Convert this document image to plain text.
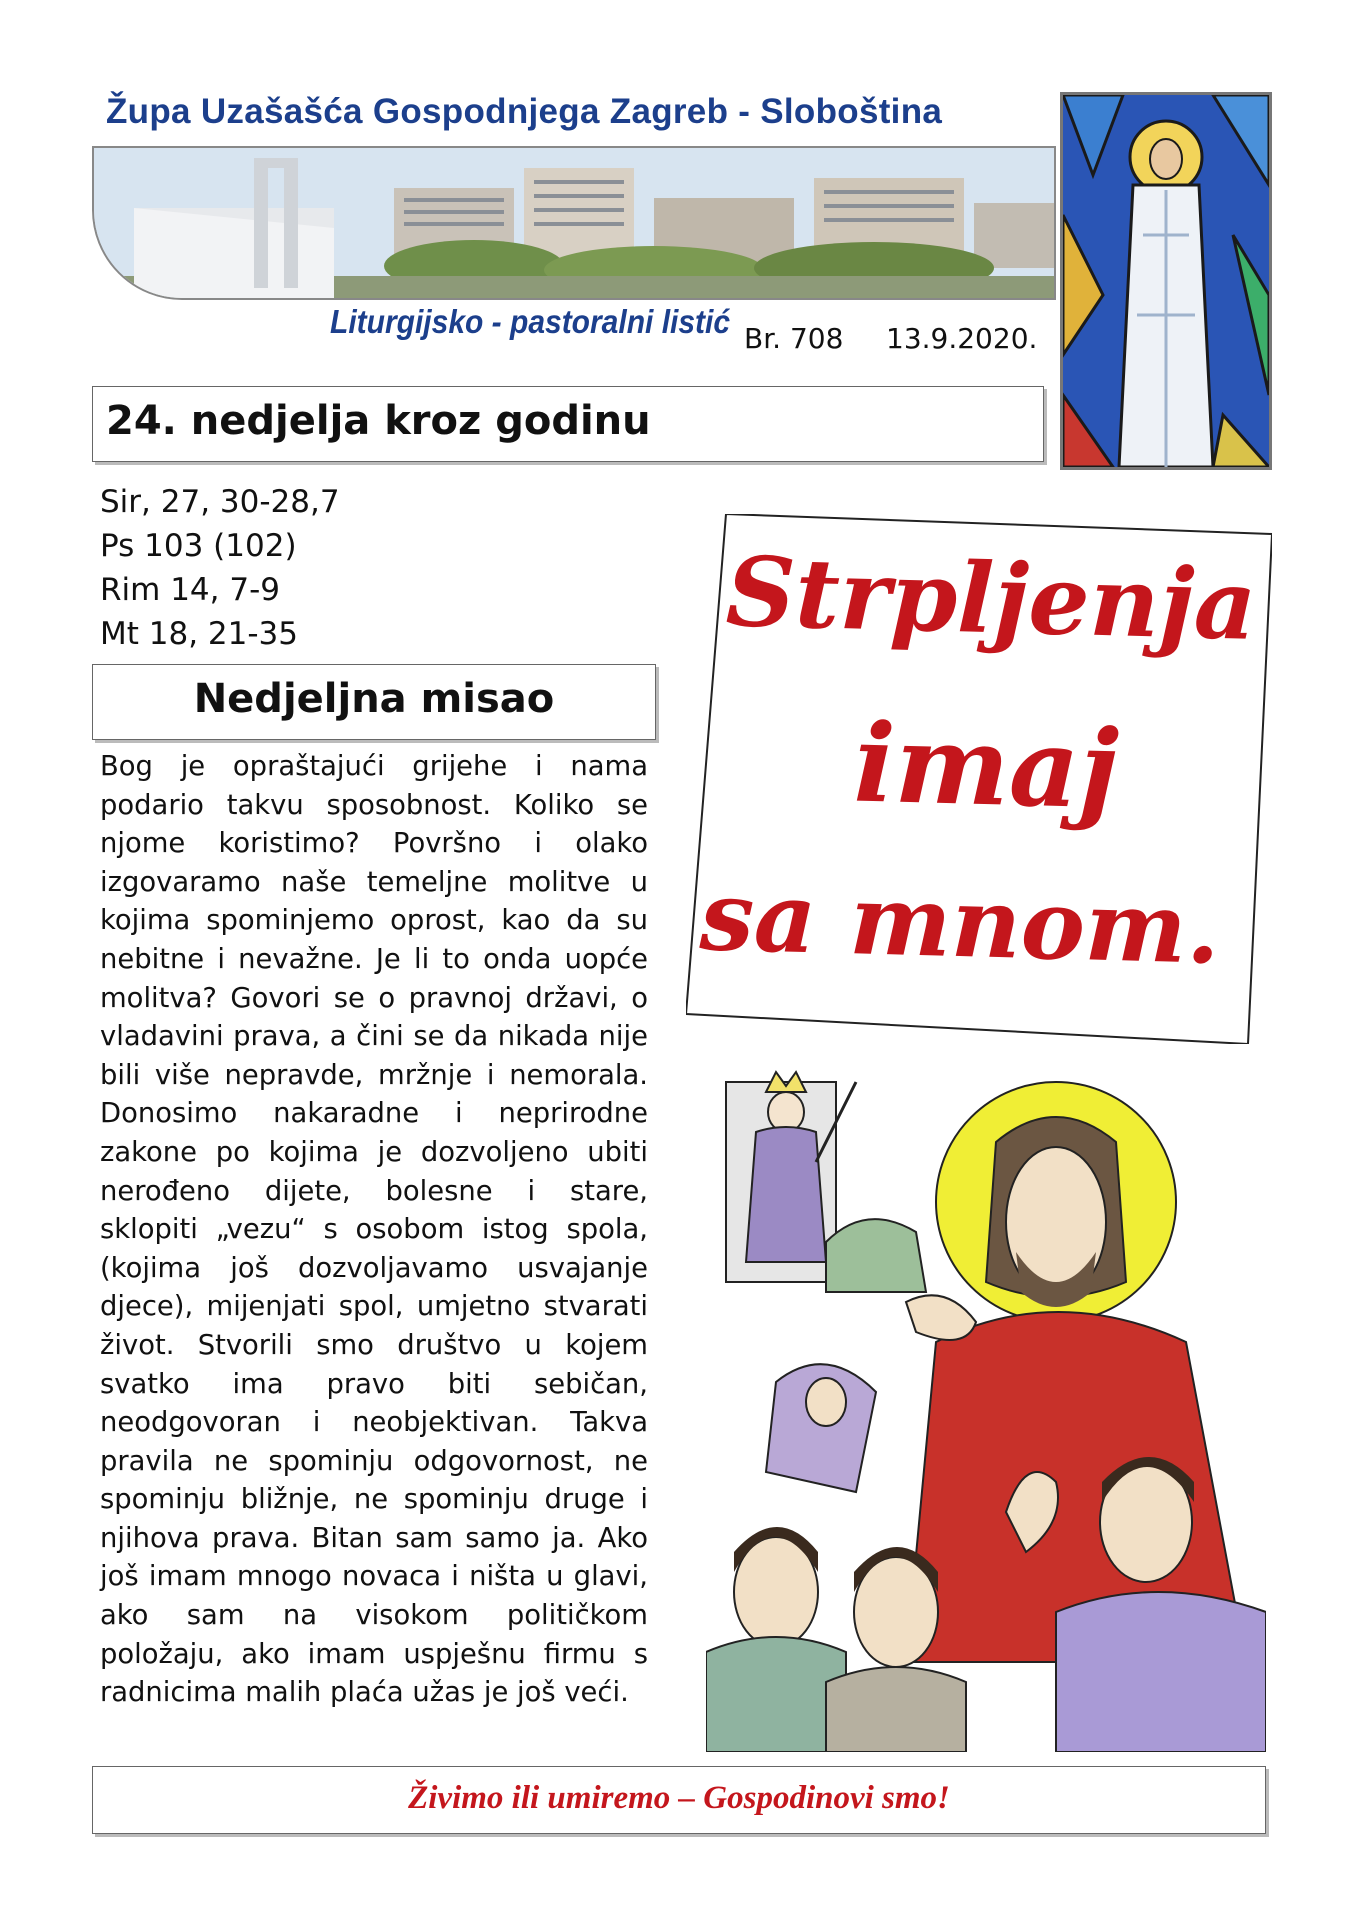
Župa Uzašašća Gospodnjega Zagreb - Sloboština
Liturgijsko - pastoralni listić Br. 708 13.9.2020.
24. nedjelja kroz godinu
Sir, 27, 30-28,7
Ps 103 (102)
Rim 14, 7-9
Mt 18, 21-35
Nedjeljna misao
Bog je opraštajući grijehe i nama podario takvu sposobnost. Koliko se njome koristimo? Površno i olako izgovaramo naše temeljne molitve u kojima spominjemo oprost, kao da su nebitne i nevažne. Je li to onda uopće molitva? Govori se o pravnoj državi, o vladavini prava, a čini se da nikada nije bili više nepravde, mržnje i nemorala. Donosimo nakaradne i neprirodne zakone po kojima je dozvoljeno ubiti nerođeno dijete, bolesne i stare, sklopiti „vezu“ s osobom istog spola, (kojima još dozvoljavamo usvajanje djece), mijenjati spol, umjetno stvarati život. Stvorili smo društvo u kojem svatko ima pravo biti sebičan, neodgovoran i neobjektivan. Takva pravila ne spominju odgovornost, ne spominju bližnje, ne spominju druge i njihova prava. Bitan sam samo ja. Ako još imam mnogo novaca i ništa u glavi, ako sam na visokom političkom položaju, ako imam uspješnu firmu s radnicima malih plaća užas je još veći.
Strpljenja
imaj
sa mnom.
Živimo ili umiremo – Gospodinovi smo!
